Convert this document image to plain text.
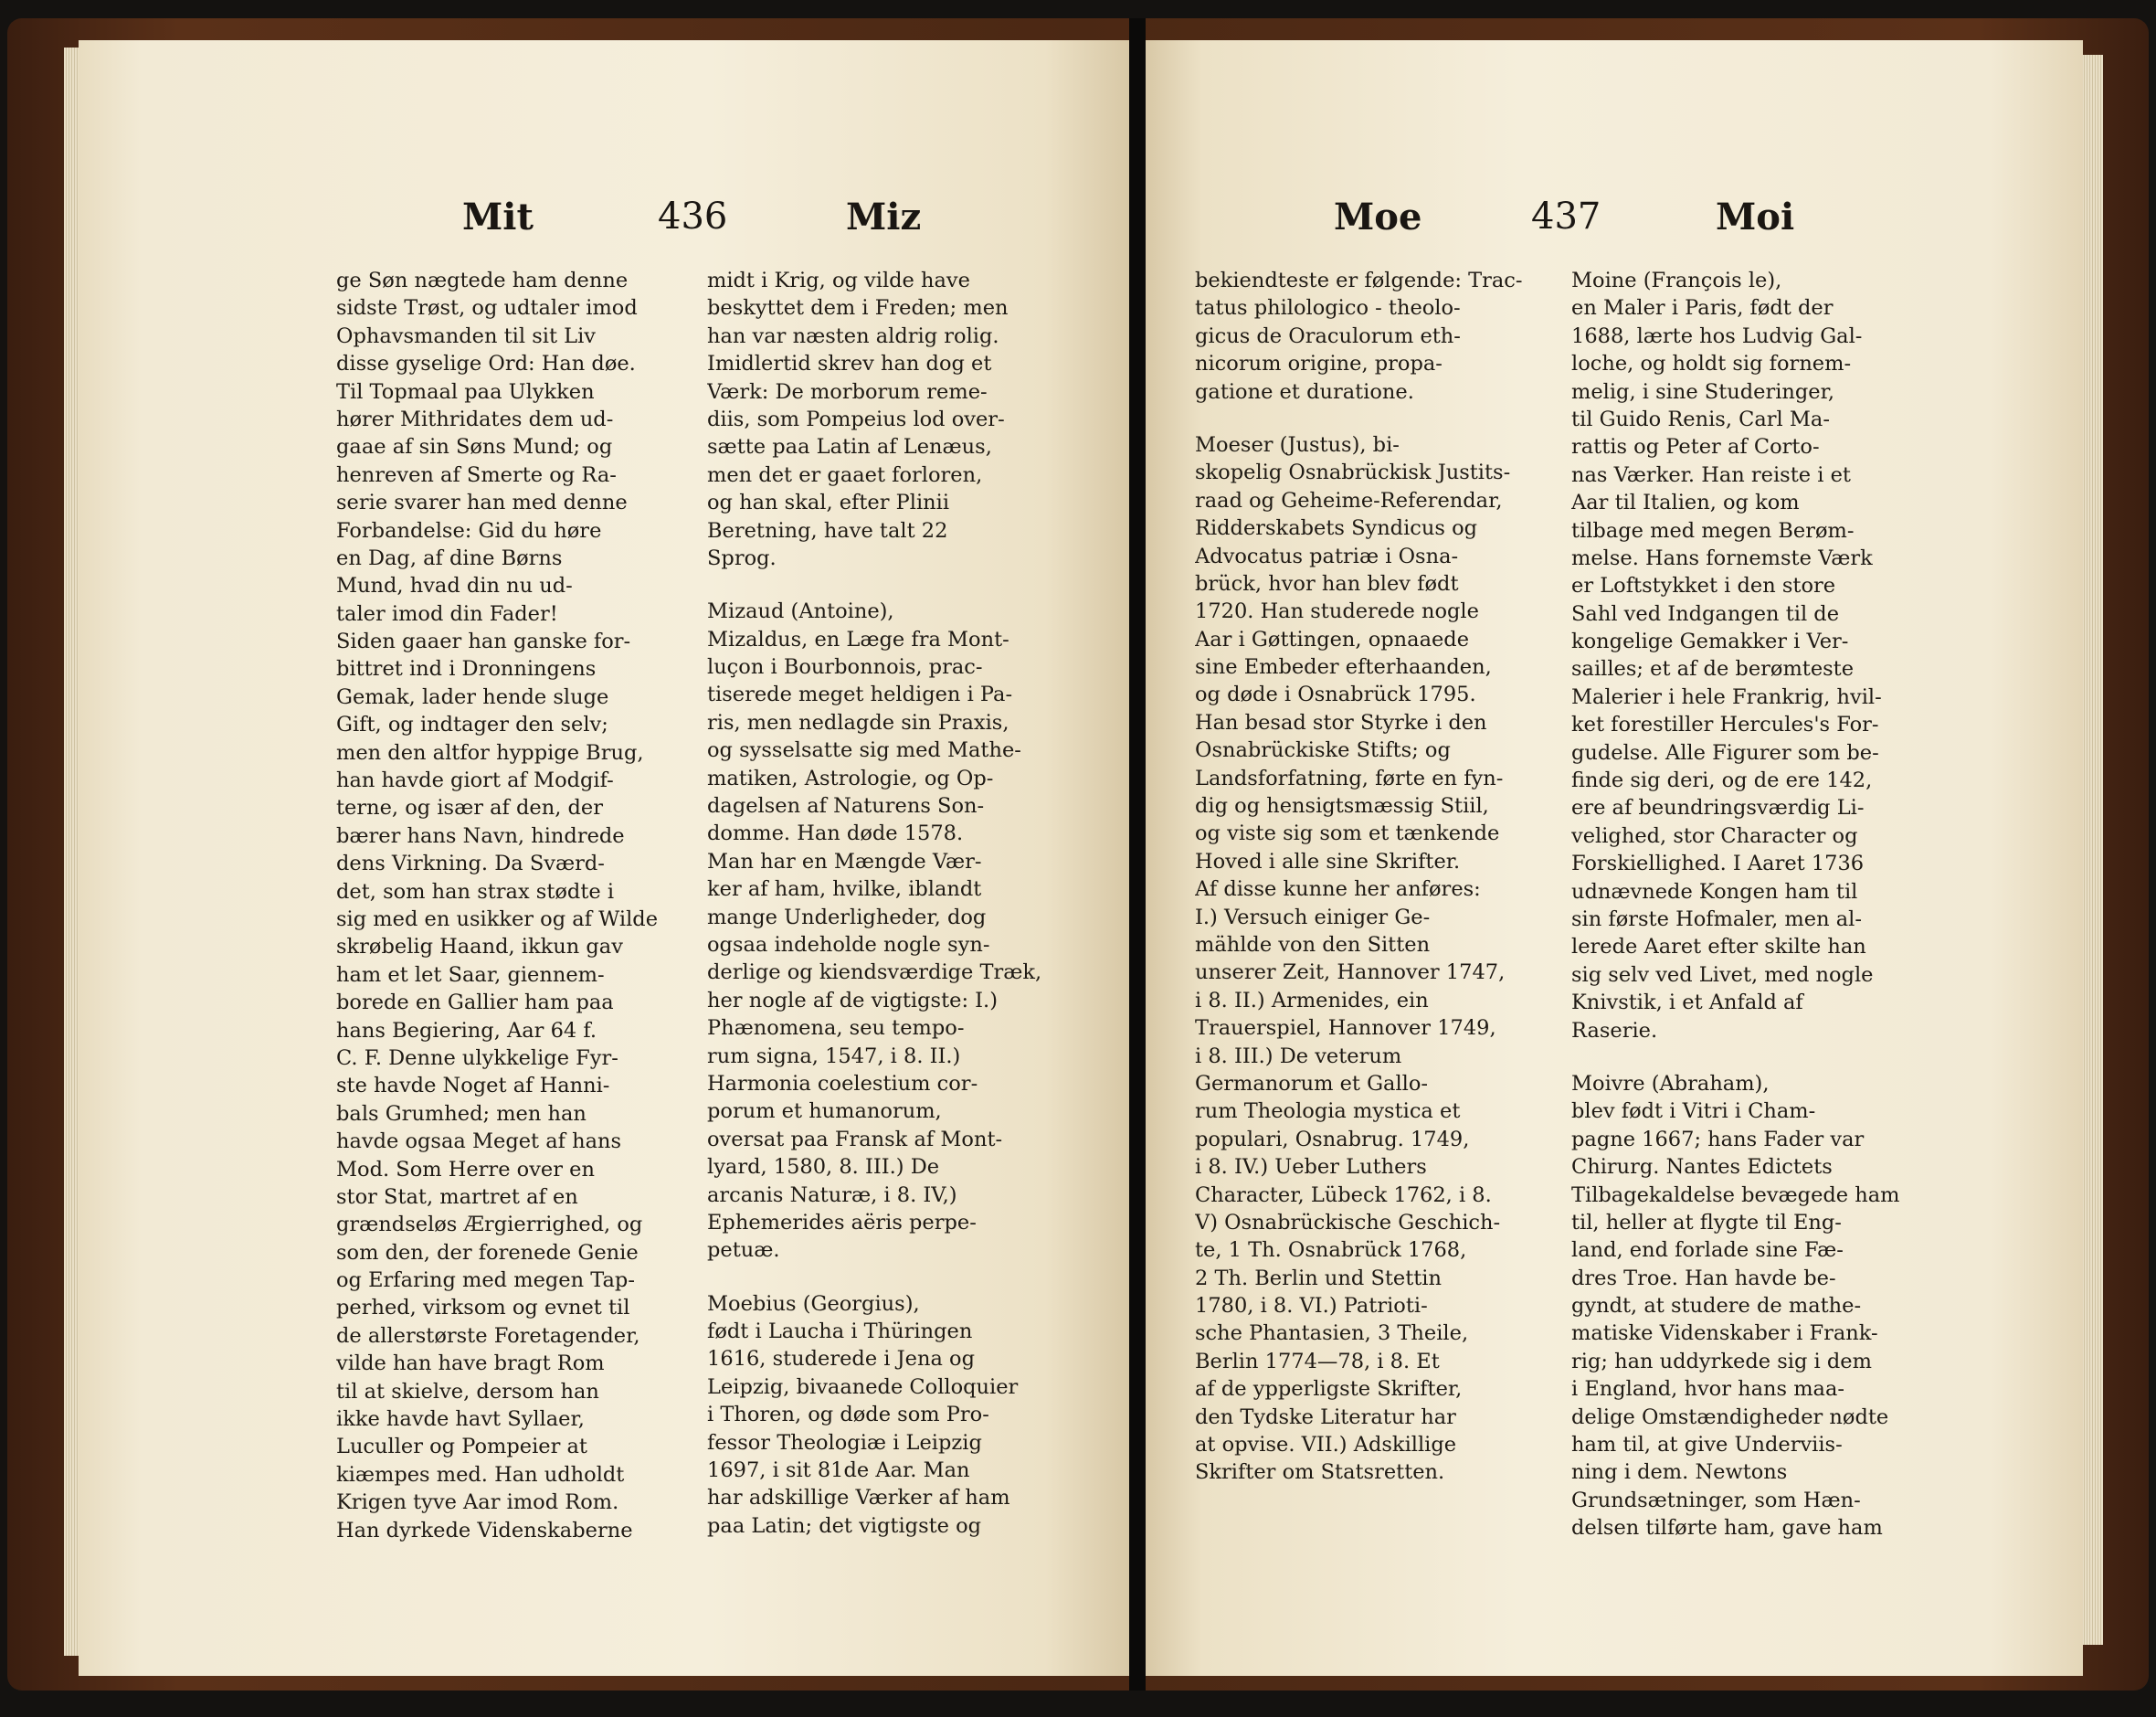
Mit	436	Miz
ge Søn nægtede ham denne
sidste Trøst, og udtaler imod
Ophavsmanden til sit Liv
disse gyselige Ord: Han døe.
Til Topmaal paa Ulykken
hører Mithridates dem ud-
gaae af sin Søns Mund; og
henreven af Smerte og Ra-
serie svarer han med denne
Forbandelse: Gid du høre
en Dag, af dine Børns
Mund, hvad din nu ud-
taler imod din Fader!
Siden gaaer han ganske for-
bittret ind i Dronningens
Gemak, lader hende sluge
Gift, og indtager den selv;
men den altfor hyppige Brug,
han havde giort af Modgif-
terne, og især af den, der
bærer hans Navn, hindrede
dens Virkning. Da Sværd-
det, som han strax stødte i
sig med en usikker og af Wilde
skrøbelig Haand, ikkun gav
ham et let Saar, giennem-
borede en Gallier ham paa
hans Begiering, Aar 64 f.
C. F. Denne ulykkelige Fyr-
ste havde Noget af Hanni-
bals Grumhed; men han
havde ogsaa Meget af hans
Mod. Som Herre over en
stor Stat, martret af en
grændseløs Ærgierrighed, og
som den, der forenede Genie
og Erfaring med megen Tap-
perhed, virksom og evnet til
de allerstørste Foretagender,
vilde han have bragt Rom
til at skielve, dersom han
ikke havde havt Syllaer,
Luculler og Pompeier at
kiæmpes med. Han udholdt
Krigen tyve Aar imod Rom.
Han dyrkede Videnskaberne
midt i Krig, og vilde have
beskyttet dem i Freden; men
han var næsten aldrig rolig.
Imidlertid skrev han dog et
Værk: De morborum reme-
diis, som Pompeius lod over-
sætte paa Latin af Lenæus,
men det er gaaet forloren,
og han skal, efter Plinii
Beretning, have talt 22
Sprog.
Mizaud (Antoine),
Mizaldus, en Læge fra Mont-
luçon i Bourbonnois, prac-
tiserede meget heldigen i Pa-
ris, men nedlagde sin Praxis,
og sysselsatte sig med Mathe-
matiken, Astrologie, og Op-
dagelsen af Naturens Son-
domme. Han døde 1578.
Man har en Mængde Vær-
ker af ham, hvilke, iblandt
mange Underligheder, dog
ogsaa indeholde nogle syn-
derlige og kiendsværdige Træk,
her nogle af de vigtigste: I.)
Phænomena, seu tempo-
rum signa, 1547, i 8. II.)
Harmonia coelestium cor-
porum et humanorum,
oversat paa Fransk af Mont-
lyard, 1580, 8. III.) De
arcanis Naturæ, i 8. IV,)
Ephemerides aëris perpe-
petuæ.
Moebius (Georgius),
født i Laucha i Thüringen
1616, studerede i Jena og
Leipzig, bivaanede Colloquier
i Thoren, og døde som Pro-
fessor Theologiæ i Leipzig
1697, i sit 81de Aar. Man
har adskillige Værker af ham
paa Latin; det vigtigste og
Moe	437	Moi
bekiendteste er følgende: Trac-
tatus philologico - theolo-
gicus de Oraculorum eth-
nicorum origine, propa-
gatione et duratione.
Moeser (Justus), bi-
skopelig Osnabrückisk Justits-
raad og Geheime-Referendar,
Ridderskabets Syndicus og
Advocatus patriæ i Osna-
brück, hvor han blev født
1720. Han studerede nogle
Aar i Gøttingen, opnaaede
sine Embeder efterhaanden,
og døde i Osnabrück 1795.
Han besad stor Styrke i den
Osnabrückiske Stifts; og
Landsforfatning, førte en fyn-
dig og hensigtsmæssig Stiil,
og viste sig som et tænkende
Hoved i alle sine Skrifter.
Af disse kunne her anføres:
I.) Versuch einiger Ge-
mählde von den Sitten
unserer Zeit, Hannover 1747,
i 8. II.) Armenides, ein
Trauerspiel, Hannover 1749,
i 8. III.) De veterum
Germanorum et Gallo-
rum Theologia mystica et
populari, Osnabrug. 1749,
i 8. IV.) Ueber Luthers
Character, Lübeck 1762, i 8.
V) Osnabrückische Geschich-
te, 1 Th. Osnabrück 1768,
2 Th. Berlin und Stettin
1780, i 8. VI.) Patrioti-
sche Phantasien, 3 Theile,
Berlin 1774—78, i 8. Et
af de ypperligste Skrifter,
den Tydske Literatur har
at opvise. VII.) Adskillige
Skrifter om Statsretten.
Moine (François le),
en Maler i Paris, født der
1688, lærte hos Ludvig Gal-
loche, og holdt sig fornem-
melig, i sine Studeringer,
til Guido Renis, Carl Ma-
rattis og Peter af Corto-
nas Værker. Han reiste i et
Aar til Italien, og kom
tilbage med megen Berøm-
melse. Hans fornemste Værk
er Loftstykket i den store
Sahl ved Indgangen til de
kongelige Gemakker i Ver-
sailles; et af de berømteste
Malerier i hele Frankrig, hvil-
ket forestiller Hercules's For-
gudelse. Alle Figurer som be-
finde sig deri, og de ere 142,
ere af beundringsværdig Li-
velighed, stor Character og
Forskiellighed. I Aaret 1736
udnævnede Kongen ham til
sin første Hofmaler, men al-
lerede Aaret efter skilte han
sig selv ved Livet, med nogle
Knivstik, i et Anfald af
Raserie.
Moivre (Abraham),
blev født i Vitri i Cham-
pagne 1667; hans Fader var
Chirurg. Nantes Edictets
Tilbagekaldelse bevægede ham
til, heller at flygte til Eng-
land, end forlade sine Fæ-
dres Troe. Han havde be-
gyndt, at studere de mathe-
matiske Videnskaber i Frank-
rig; han uddyrkede sig i dem
i England, hvor hans maa-
delige Omstændigheder nødte
ham til, at give Underviis-
ning i dem. Newtons
Grundsætninger, som Hæn-
delsen tilførte ham, gave ham
